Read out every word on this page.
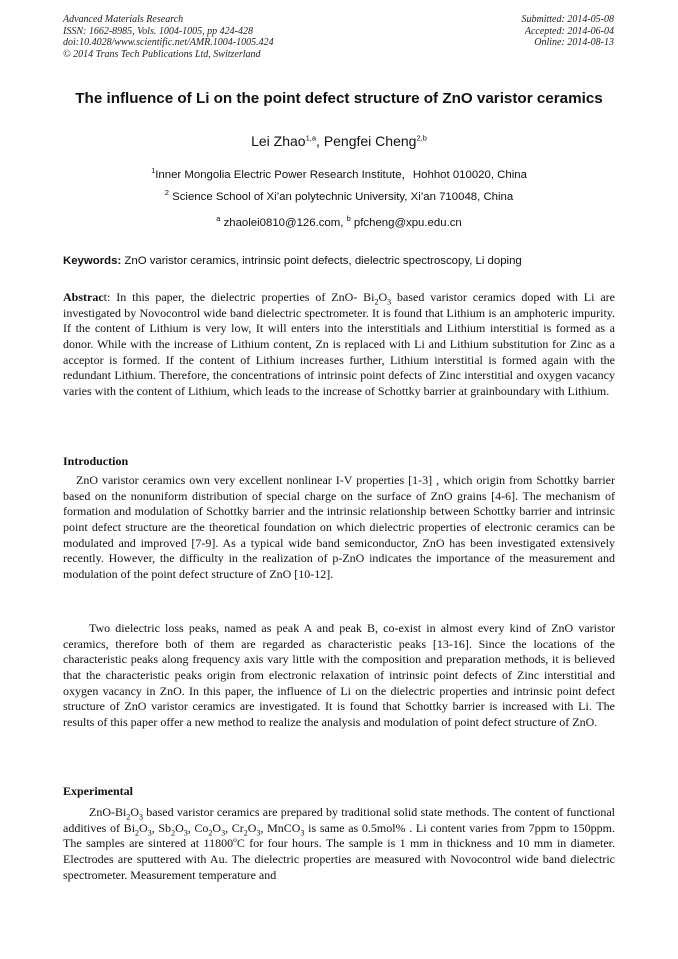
Advanced Materials Research
ISSN: 1662-8985, Vols. 1004-1005, pp 424-428
doi:10.4028/www.scientific.net/AMR.1004-1005.424
© 2014 Trans Tech Publications Ltd, Switzerland
Submitted: 2014-05-08
Accepted: 2014-06-04
Online: 2014-08-13
The influence of Li on the point defect structure of ZnO varistor ceramics
Lei Zhao$^{1,a}$, Pengfei Cheng$^{2,b}$
$^1$Inner Mongolia Electric Power Research Institute，Hohhot 010020, China
$^2$ Science School of Xi’an polytechnic University, Xi’an 710048, China
$^a$ zhaolei0810@126.com, $^b$ pfcheng@xpu.edu.cn
Keywords: ZnO varistor ceramics, intrinsic point defects, dielectric spectroscopy, Li doping
Abstract: In this paper, the dielectric properties of ZnO- $Bi_2O_3$ based varistor ceramics doped with Li are investigated by Novocontrol wide band dielectric spectrometer. It is found that Lithium is an amphoteric impurity. If the content of Lithium is very low, It will enters into the interstitials and Lithium interstitial is formed as a donor. While with the increase of Lithium content, Zn is replaced with Li and Lithium substitution for Zinc as a acceptor is formed. If the content of Lithium increases further, Lithium interstitial is formed again with the redundant Lithium. Therefore, the concentrations of intrinsic point defects of Zinc interstitial and oxygen vacancy varies with the content of Lithium, which leads to the increase of Schottky barrier at grainboundary with Lithium.
Introduction
ZnO varistor ceramics own very excellent nonlinear I-V properties [1-3] , which origin from Schottky barrier based on the nonuniform distribution of special charge on the surface of ZnO grains [4-6]. The mechanism of formation and modulation of Schottky barrier and the intrinsic relationship between Schottky barrier and intrinsic point defect structure are the theoretical foundation on which dielectric properties of electronic ceramics can be modulated and improved [7-9]. As a typical wide band semiconductor, ZnO has been investigated extensively recently. However, the difficulty in the realization of p-ZnO indicates the importance of the measurement and modulation of the point defect structure of ZnO [10-12].
Two dielectric loss peaks, named as peak A and peak B, co-exist in almost every kind of ZnO varistor ceramics, therefore both of them are regarded as characteristic peaks [13-16]. Since the locations of the characteristic peaks along frequency axis vary little with the composition and preparation methods, it is believed that the characteristic peaks origin from electronic relaxation of intrinsic point defects of Zinc interstitial and oxygen vacancy in ZnO. In this paper, the influence of Li on the dielectric properties and intrinsic point defect structure of ZnO varistor ceramics are investigated. It is found that Schottky barrier is increased with Li. The results of this paper offer a new method to realize the analysis and modulation of point defect structure of ZnO.
Experimental
ZnO-$Bi_2O_3$ based varistor ceramics are prepared by traditional solid state methods. The content of functional additives of $Bi_2O_3$, $Sb_2O_3$, $Co_2O_3$, $Cr_2O_3$, MnCO$_3$ is same as 0.5mol% . Li content varies from 7ppm to 150ppm. The samples are sintered at 11800$^o$C for four hours. The sample is 1 mm in thickness and 10 mm in diameter. Electrodes are sputtered with Au. The dielectric properties are measured with Novocontrol wide band dielectric spectrometer. Measurement temperature and
